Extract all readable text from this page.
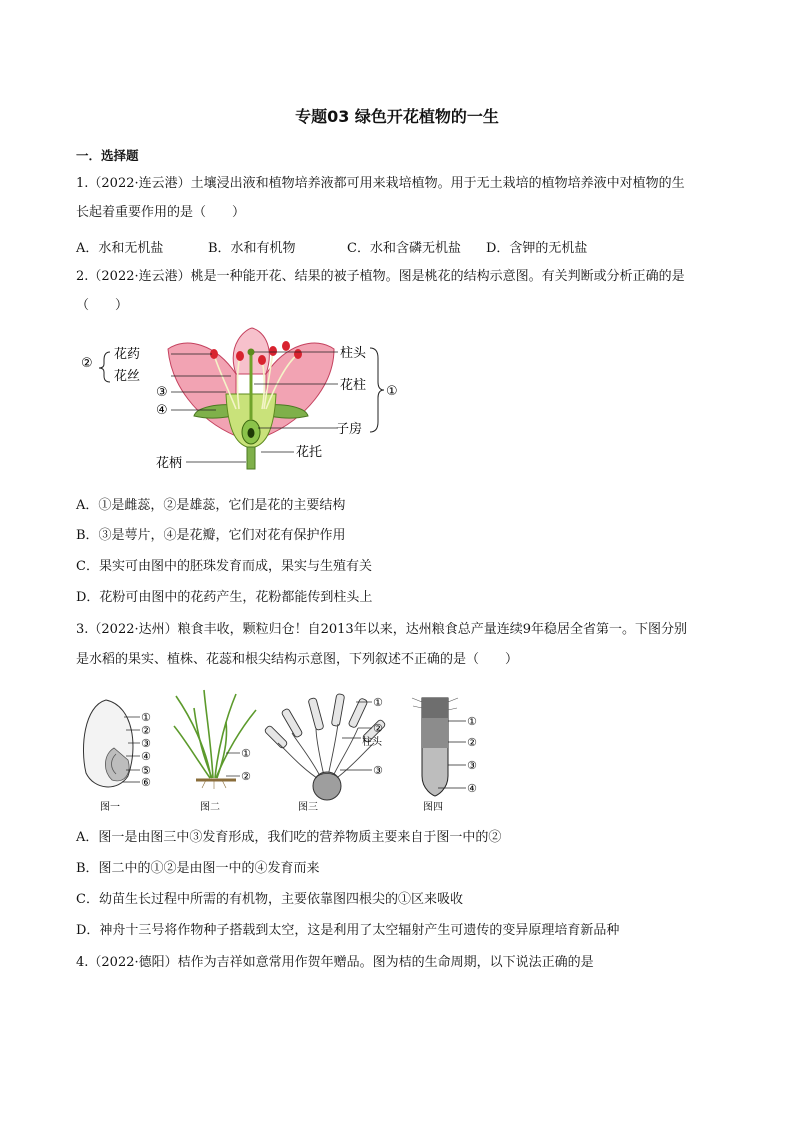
专题03 绿色开花植物的一生

一．选择题

1.（2022·连云港）土壤浸出液和植物培养液都可用来栽培植物。用于无土栽培的植物培养液中对植物的生

长起着重要作用的是（　　）

A．水和无机盐	B．水和有机物	C．水和含磷无机盐 D．含钾的无机盐

2.（2022·连云港）桃是一种能开花、结果的被子植物。图是桃花的结构示意图。有关判断或分析正确的是

（　　）

②
花药
花丝
③
④
柱头
花柱 ①
子房
花托
花柄

A．①是雌蕊，②是雄蕊，它们是花的主要结构

B．③是萼片，④是花瓣，它们对花有保护作用

C．果实可由图中的胚珠发育而成，果实与生殖有关

D．花粉可由图中的花药产生，花粉都能传到柱头上

3.（2022·达州）粮食丰收，颗粒归仓！自2013年以来，达州粮食总产量连续9年稳居全省第一。下图分别

是水稻的果实、植株、花蕊和根尖结构示意图，下列叙述不正确的是（　　）

①
②
③
④
⑤
⑥
图一
①
②
图二
①
②
柱头
③
图三
①
②
③
④
图四

A．图一是由图三中③发育形成，我们吃的营养物质主要来自于图一中的②

B．图二中的①②是由图一中的④发育而来

C．幼苗生长过程中所需的有机物，主要依靠图四根尖的①区来吸收

D．神舟十三号将作物种子搭载到太空，这是利用了太空辐射产生可遗传的变异原理培育新品种

4.（2022·德阳）桔作为吉祥如意常用作贺年赠品。图为桔的生命周期，以下说法正确的是
